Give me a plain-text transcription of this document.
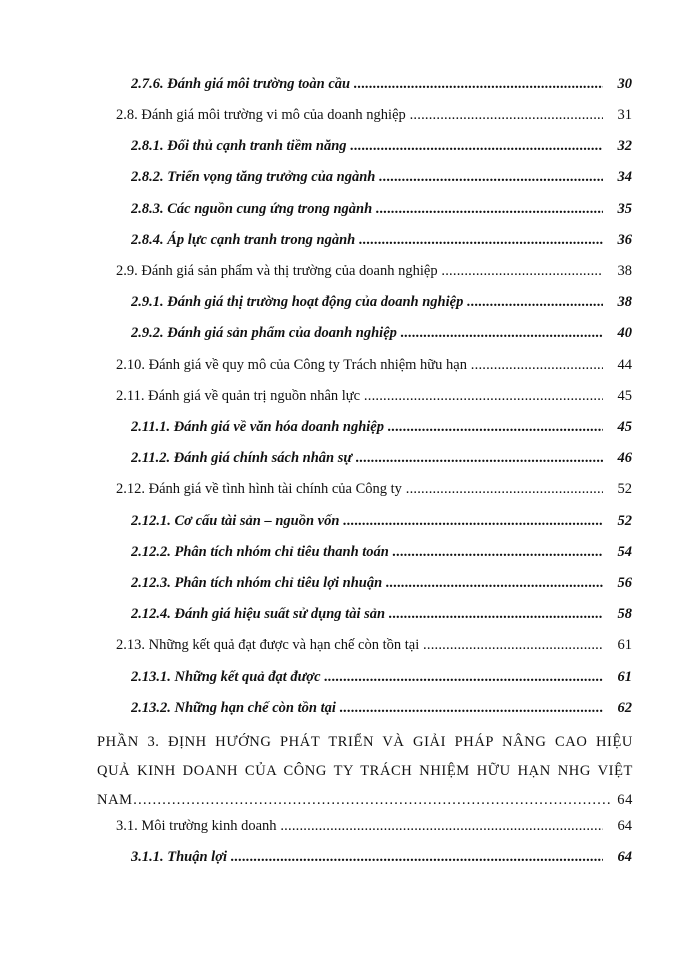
2.7.6. Đánh giá môi trường toàn cầu .....	30
2.8. Đánh giá môi trường vi mô của doanh nghiệp .....	31
2.8.1. Đối thủ cạnh tranh tiềm năng .....	32
2.8.2. Triển vọng tăng trưởng của ngành .....	34
2.8.3. Các nguồn cung ứng trong ngành .....	35
2.8.4. Áp lực cạnh tranh trong ngành .....	36
2.9. Đánh giá sản phẩm và thị trường của doanh nghiệp .....	38
2.9.1. Đánh giá thị trường hoạt động của doanh nghiệp .....	38
2.9.2. Đánh giá sản phẩm của doanh nghiệp .....	40
2.10. Đánh giá về quy mô của Công ty Trách nhiệm hữu hạn .....	44
2.11. Đánh giá về quản trị nguồn nhân lực .....	45
2.11.1. Đánh giá về văn hóa doanh nghiệp .....	45
2.11.2. Đánh giá chính sách nhân sự .....	46
2.12. Đánh giá về tình hình tài chính của Công ty .....	52
2.12.1. Cơ cấu tài sản – nguồn vốn .....	52
2.12.2. Phân tích nhóm chỉ tiêu thanh toán .....	54
2.12.3. Phân tích nhóm chỉ tiêu lợi nhuận .....	56
2.12.4. Đánh giá hiệu suất sử dụng tài sản .....	58
2.13. Những kết quả đạt được và hạn chế còn tồn tại .....	61
2.13.1. Những kết quả đạt được .....	61
2.13.2. Những hạn chế còn tồn tại .....	62
PHẦN 3. ĐỊNH HƯỚNG PHÁT TRIỂN VÀ GIẢI PHÁP NÂNG CAO HIỆU
QUẢ KINH DOANH CỦA CÔNG TY TRÁCH NHIỆM HỮU HẠN NHG VIỆT
NAM ……………………………………………………………………………………………………………………	64
3.1. Môi trường kinh doanh .....	64
3.1.1. Thuận lợi .....	64
